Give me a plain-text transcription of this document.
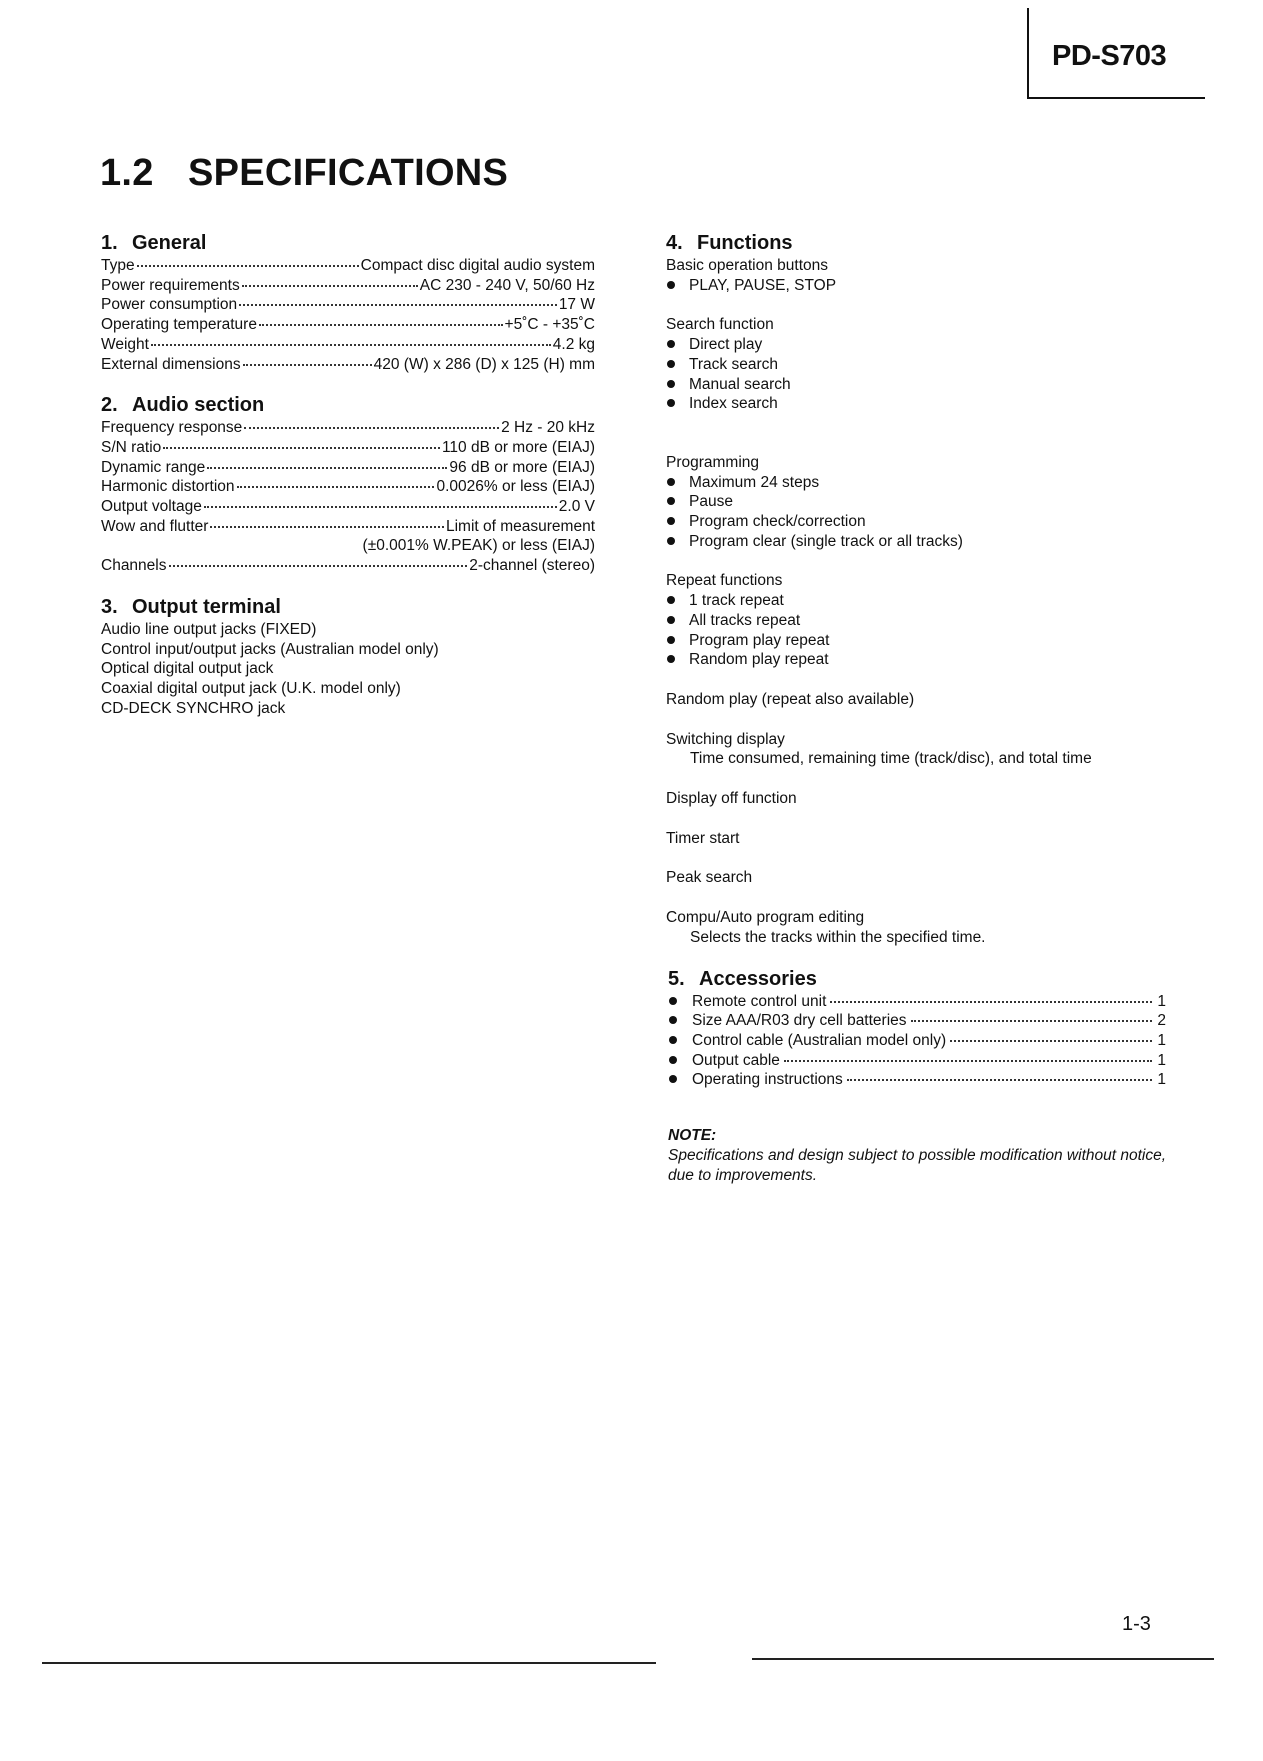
PD-S703
1.2 SPECIFICATIONS
1. General
Type	Compact disc digital audio system
Power requirements	AC 230 - 240 V, 50/60 Hz
Power consumption	17 W
Operating temperature	+5˚C - +35˚C
Weight	4.2 kg
External dimensions	420 (W) x 286 (D) x 125 (H) mm
2. Audio section
Frequency response	2 Hz - 20 kHz
S/N ratio	110 dB or more (EIAJ)
Dynamic range	96 dB or more (EIAJ)
Harmonic distortion	0.0026% or less (EIAJ)
Output voltage	2.0 V
Wow and flutter	Limit of measurement
(±0.001% W.PEAK) or less (EIAJ)
Channels	2-channel (stereo)
3. Output terminal
Audio line output jacks (FIXED)
Control input/output jacks (Australian model only)
Optical digital output jack
Coaxial digital output jack (U.K. model only)
CD-DECK SYNCHRO jack
4. Functions
Basic operation buttons
PLAY, PAUSE, STOP
Search function
Direct play
Track search
Manual search
Index search
Programming
Maximum 24 steps
Pause
Program check/correction
Program clear (single track or all tracks)
Repeat functions
1 track repeat
All tracks repeat
Program play repeat
Random play repeat
Random play (repeat also available)
Switching display
Time consumed, remaining time (track/disc), and total time
Display off function
Timer start
Peak search
Compu/Auto program editing
Selects the tracks within the specified time.
5. Accessories
Remote control unit	1
Size AAA/R03 dry cell batteries	2
Control cable (Australian model only)	1
Output cable	1
Operating instructions	1
NOTE:
Specifications and design subject to possible modification without notice, due to improvements.
1-3
